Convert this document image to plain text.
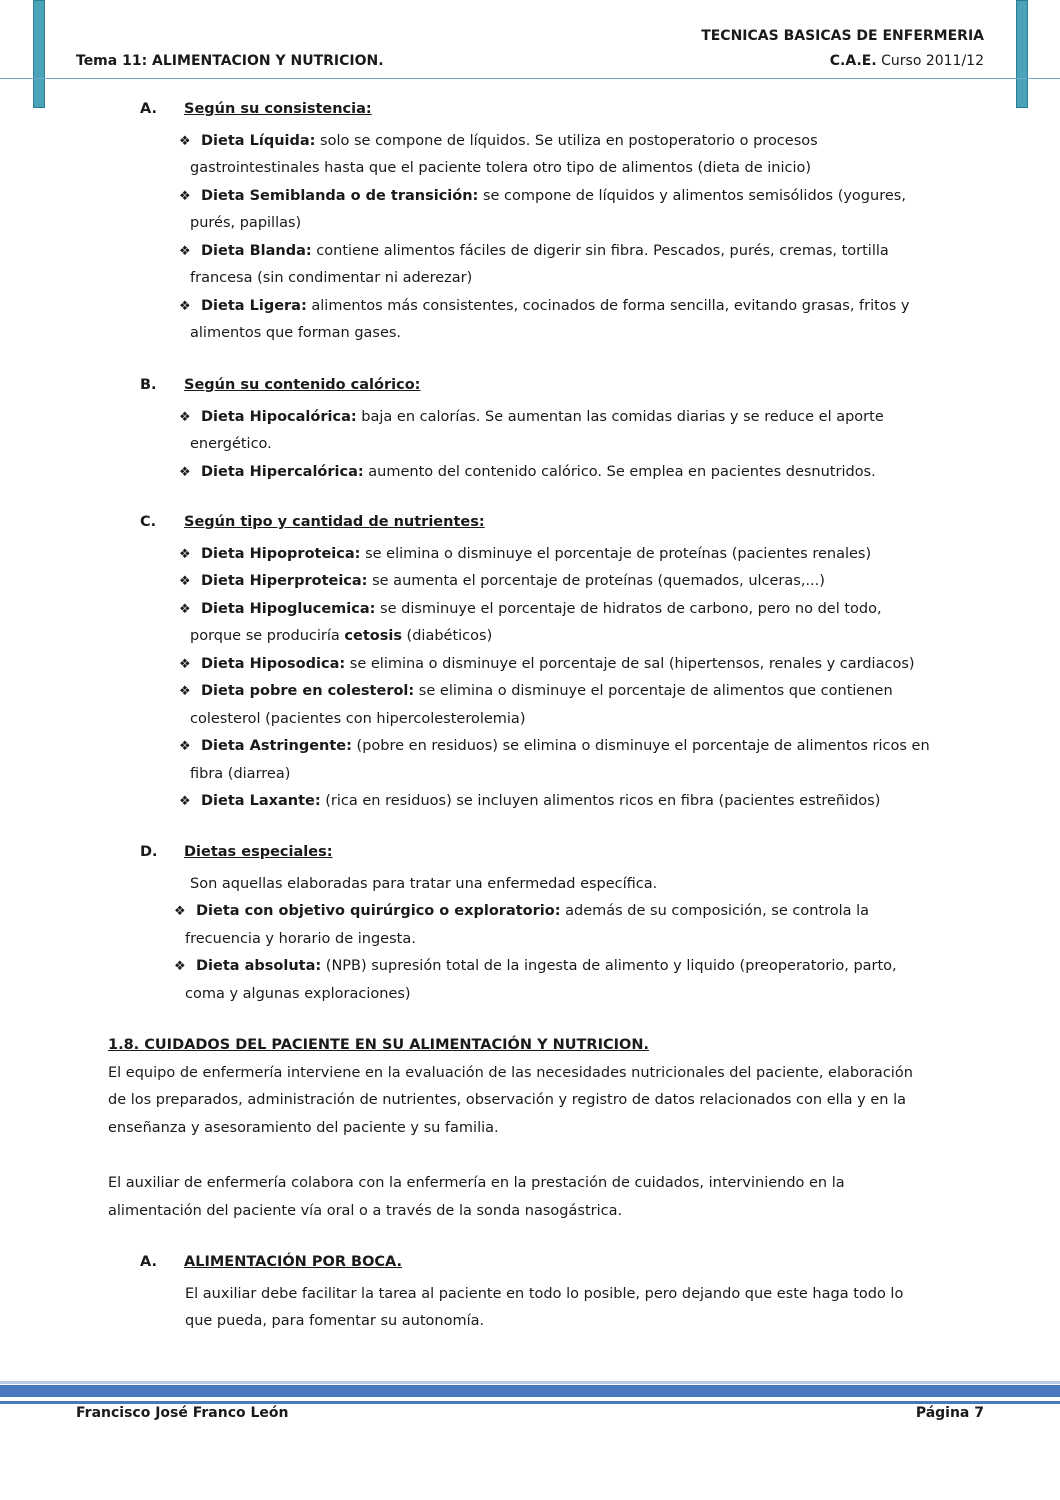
Tema 11: ALIMENTACION Y NUTRICION.
TECNICAS BASICAS DE ENFERMERIA
C.A.E. Curso 2011/12
A. Según su consistencia:
❖ Dieta Líquida: solo se compone de líquidos. Se utiliza en postoperatorio o procesos
gastrointestinales hasta que el paciente tolera otro tipo de alimentos (dieta de inicio)
❖ Dieta Semiblanda o de transición: se compone de líquidos y alimentos semisólidos (yogures,
purés, papillas)
❖ Dieta Blanda: contiene alimentos fáciles de digerir sin fibra. Pescados, purés, cremas, tortilla
francesa (sin condimentar ni aderezar)
❖ Dieta Ligera: alimentos más consistentes, cocinados de forma sencilla, evitando grasas, fritos y
alimentos que forman gases.
B. Según su contenido calórico:
❖ Dieta Hipocalórica: baja en calorías. Se aumentan las comidas diarias y se reduce el aporte
energético.
❖ Dieta Hipercalórica: aumento del contenido calórico. Se emplea en pacientes desnutridos.
C. Según tipo y cantidad de nutrientes:
❖ Dieta Hipoproteica: se elimina o disminuye el porcentaje de proteínas (pacientes renales)
❖ Dieta Hiperproteica: se aumenta el porcentaje de proteínas (quemados, ulceras,...)
❖ Dieta Hipoglucemica: se disminuye el porcentaje de hidratos de carbono, pero no del todo,
porque se produciría cetosis (diabéticos)
❖ Dieta Hiposodica: se elimina o disminuye el porcentaje de sal (hipertensos, renales y cardiacos)
❖ Dieta pobre en colesterol: se elimina o disminuye el porcentaje de alimentos que contienen
colesterol (pacientes con hipercolesterolemia)
❖ Dieta Astringente: (pobre en residuos) se elimina o disminuye el porcentaje de alimentos ricos en
fibra (diarrea)
❖ Dieta Laxante: (rica en residuos) se incluyen alimentos ricos en fibra (pacientes estreñidos)
D. Dietas especiales:
Son aquellas elaboradas para tratar una enfermedad específica.
❖ Dieta con objetivo quirúrgico o exploratorio: además de su composición, se controla la
frecuencia y horario de ingesta.
❖ Dieta absoluta: (NPB) supresión total de la ingesta de alimento y liquido (preoperatorio, parto,
coma y algunas exploraciones)
1.8. CUIDADOS DEL PACIENTE EN SU ALIMENTACIÓN Y NUTRICION.
El equipo de enfermería interviene en la evaluación de las necesidades nutricionales del paciente, elaboración
de los preparados, administración de nutrientes, observación y registro de datos relacionados con ella y en la
enseñanza y asesoramiento del paciente y su familia.
El auxiliar de enfermería colabora con la enfermería en la prestación de cuidados, interviniendo en la
alimentación del paciente vía oral o a través de la sonda nasogástrica.
A. ALIMENTACIÓN POR BOCA.
El auxiliar debe facilitar la tarea al paciente en todo lo posible, pero dejando que este haga todo lo
que pueda, para fomentar su autonomía.
Francisco José Franco León	Página 7
